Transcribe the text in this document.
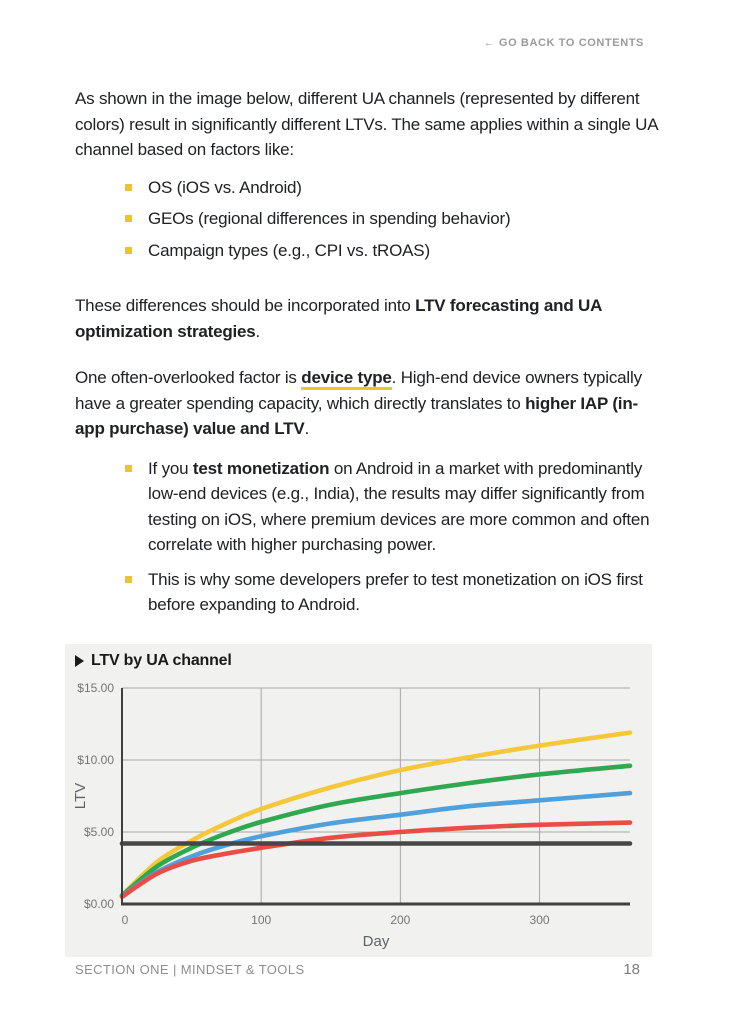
← GO BACK TO CONTENTS

As shown in the image below, different UA channels (represented by different colors) result in significantly different LTVs. The same applies within a single UA channel based on factors like:

OS (iOS vs. Android)
GEOs (regional differences in spending behavior)
Campaign types (e.g., CPI vs. tROAS)

These differences should be incorporated into LTV forecasting and UA optimization strategies.

One often-overlooked factor is device type. High-end device owners typically have a greater spending capacity, which directly translates to higher IAP (in-app purchase) value and LTV.

If you test monetization on Android in a market with predominantly low-end devices (e.g., India), the results may differ significantly from testing on iOS, where premium devices are more common and often correlate with higher purchasing power.
This is why some developers prefer to test monetization on iOS first before expanding to Android.
$0.00
$5.00
$10.00
$15.00
0	100	200	300
Day
LTV
LTV by UA channel
SECTION ONE | MINDSET & TOOLS	18
